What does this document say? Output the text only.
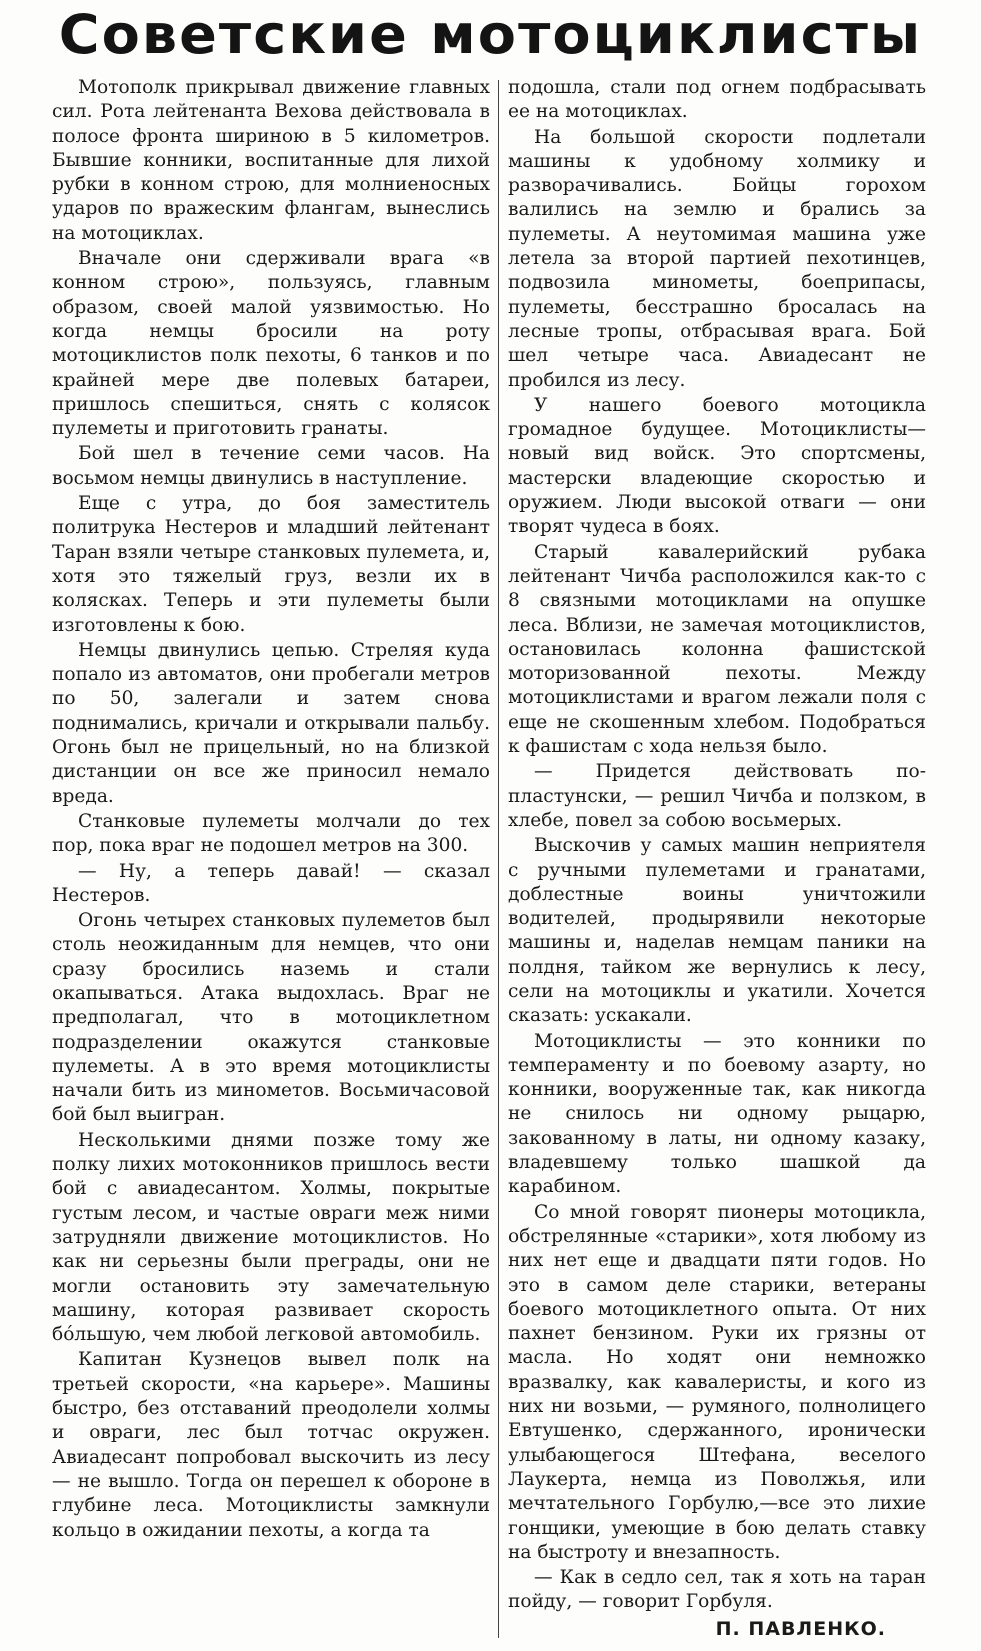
Советские мотоциклисты

Мотополк прикрывал движение главных сил. Рота лейтенанта Вехова действовала в полосе фронта шириною в 5 километров. Бывшие конники, воспитанные для лихой рубки в конном строю, для молниеносных ударов по вражеским флангам, вынеслись на мотоциклах.

Вначале они сдерживали врага «в конном строю», пользуясь, главным образом, своей малой уязвимостью. Но когда немцы бросили на роту мотоциклистов полк пехоты, 6 танков и по крайней мере две полевых батареи, пришлось спешиться, снять с колясок пулеметы и приготовить гранаты.

Бой шел в течение семи часов. На восьмом немцы двинулись в наступление.

Еще с утра, до боя заместитель политрука Нестеров и младший лейтенант Таран взяли четыре станковых пулемета, и, хотя это тяжелый груз, везли их в колясках. Теперь и эти пулеметы были изготовлены к бою.

Немцы двинулись цепью. Стреляя куда попало из автоматов, они пробегали метров по 50, залегали и затем снова поднимались, кричали и открывали пальбу. Огонь был не прицельный, но на близкой дистанции он все же приносил немало вреда.

Станковые пулеметы молчали до тех пор, пока враг не подошел метров на 300.

— Ну, а теперь давай! — сказал Нестеров.

Огонь четырех станковых пулеметов был столь неожиданным для немцев, что они сразу бросились наземь и стали окапываться. Атака выдохлась. Враг не предполагал, что в мотоциклетном подразделении окажутся станковые пулеметы. А в это время мотоциклисты начали бить из минометов. Восьмичасовой бой был выигран.

Несколькими днями позже тому же полку лихих мотоконников пришлось вести бой с авиадесантом. Холмы, покрытые густым лесом, и частые овраги меж ними затрудняли движение мотоциклистов. Но как ни серьезны были преграды, они не могли остановить эту замечательную машину, которая развивает скорость бо́льшую, чем любой легковой автомобиль.

Капитан Кузнецов вывел полк на третьей скорости, «на карьере». Машины быстро, без отставаний преодолели холмы и овраги, лес был тотчас окружен. Авиадесант попробовал выскочить из лесу — не вышло. Тогда он перешел к обороне в глубине леса. Мотоциклисты замкнули кольцо в ожидании пехоты, а когда та

подошла, стали под огнем подбрасывать ее на мотоциклах.

На большой скорости подлетали машины к удобному холмику и разворачивались. Бойцы горохом валились на землю и брались за пулеметы. А неутомимая машина уже летела за второй партией пехотинцев, подвозила минометы, боеприпасы, пулеметы, бесстрашно бросалась на лесные тропы, отбрасывая врага. Бой шел четыре часа. Авиадесант не пробился из лесу.

У нашего боевого мотоцикла громадное будущее. Мотоциклисты—новый вид войск. Это спортсмены, мастерски владеющие скоростью и оружием. Люди высокой отваги — они творят чудеса в боях.

Старый кавалерийский рубака лейтенант Чичба расположился как-то с 8 связными мотоциклами на опушке леса. Вблизи, не замечая мотоциклистов, остановилась колонна фашистской моторизованной пехоты. Между мотоциклистами и врагом лежали поля с еще не скошенным хлебом. Подобраться к фашистам с хода нельзя было.

— Придется действовать по-пластунски, — решил Чичба и ползком, в хлебе, повел за собою восьмерых.

Выскочив у самых машин неприятеля с ручными пулеметами и гранатами, доблестные воины уничтожили водителей, продырявили некоторые машины и, наделав немцам паники на полдня, тайком же вернулись к лесу, сели на мотоциклы и укатили. Хочется сказать: ускакали.

Мотоциклисты — это конники по темпераменту и по боевому азарту, но конники, вооруженные так, как никогда не снилось ни одному рыцарю, закованному в латы, ни одному казаку, владевшему только шашкой да карабином.

Со мной говорят пионеры мотоцикла, обстрелянные «старики», хотя любому из них нет еще и двадцати пяти годов. Но это в самом деле старики, ветераны боевого мотоциклетного опыта. От них пахнет бензином. Руки их грязны от масла. Но ходят они немножко вразвалку, как кавалеристы, и кого из них ни возьми, — румяного, полнолицего Евтушенко, сдержанного, иронически улыбающегося Штефана, веселого Лаукерта, немца из Поволжья, или мечтательного Горбулю,—все это лихие гонщики, умеющие в бою делать ставку на быстроту и внезапность.

— Как в седло сел, так я хоть на таран пойду, — говорит Горбуля.

П. ПАВЛЕНКО.
